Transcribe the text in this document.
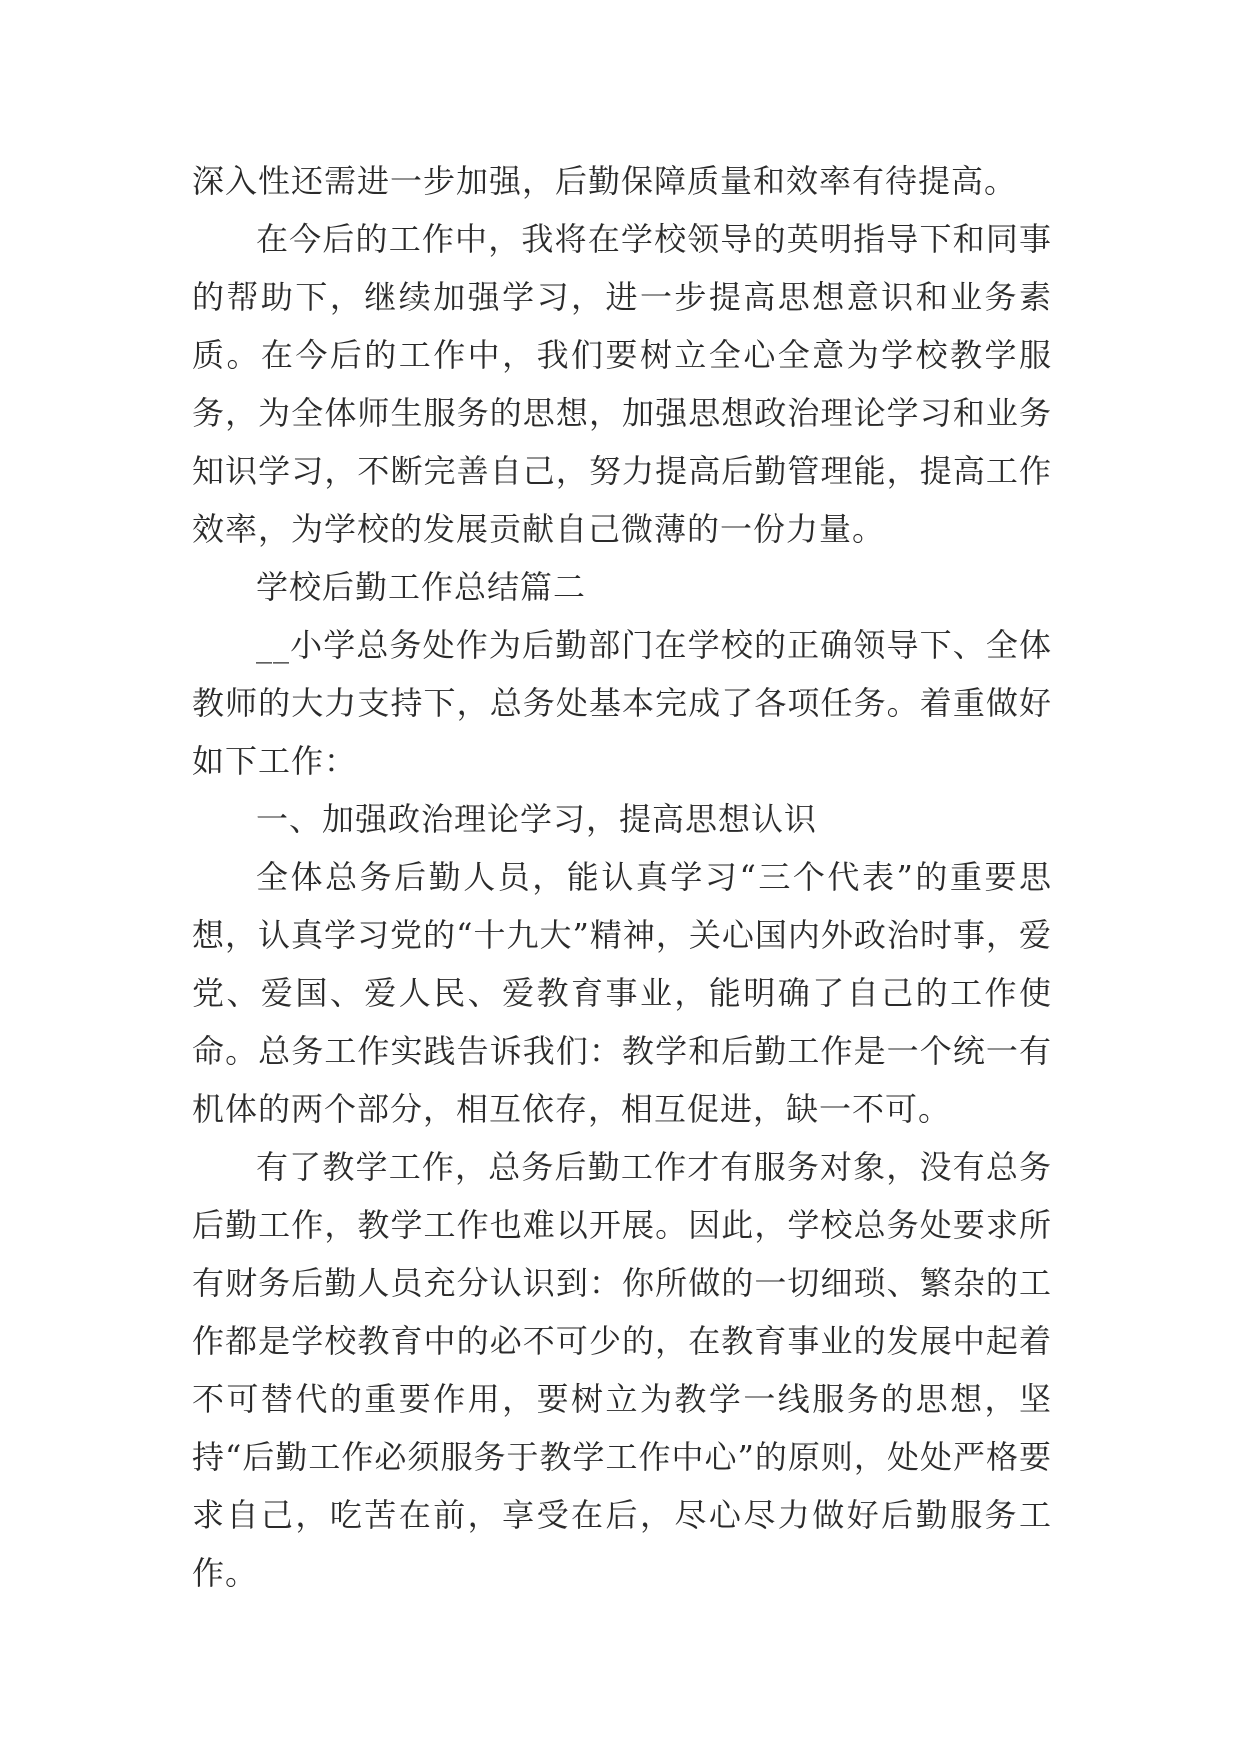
深入性还需进一步加强，后勤保障质量和效率有待提高。

在今后的工作中，我将在学校领导的英明指导下和同事的帮助下，继续加强学习，进一步提高思想意识和业务素质。在今后的工作中，我们要树立全心全意为学校教学服务，为全体师生服务的思想，加强思想政治理论学习和业务知识学习，不断完善自己，努力提高后勤管理能，提高工作效率，为学校的发展贡献自己微薄的一份力量。

学校后勤工作总结篇二

__小学总务处作为后勤部门在学校的正确领导下、全体教师的大力支持下，总务处基本完成了各项任务。着重做好如下工作：

一、加强政治理论学习，提高思想认识

全体总务后勤人员，能认真学习“三个代表”的重要思想，认真学习党的“十九大”精神，关心国内外政治时事，爱党、爱国、爱人民、爱教育事业，能明确了自己的工作使命。总务工作实践告诉我们：教学和后勤工作是一个统一有机体的两个部分，相互依存，相互促进，缺一不可。

有了教学工作，总务后勤工作才有服务对象，没有总务后勤工作，教学工作也难以开展。因此，学校总务处要求所有财务后勤人员充分认识到：你所做的一切细琐、繁杂的工作都是学校教育中的必不可少的，在教育事业的发展中起着不可替代的重要作用，要树立为教学一线服务的思想，坚持“后勤工作必须服务于教学工作中心”的原则，处处严格要求自己，吃苦在前，享受在后，尽心尽力做好后勤服务工作。
